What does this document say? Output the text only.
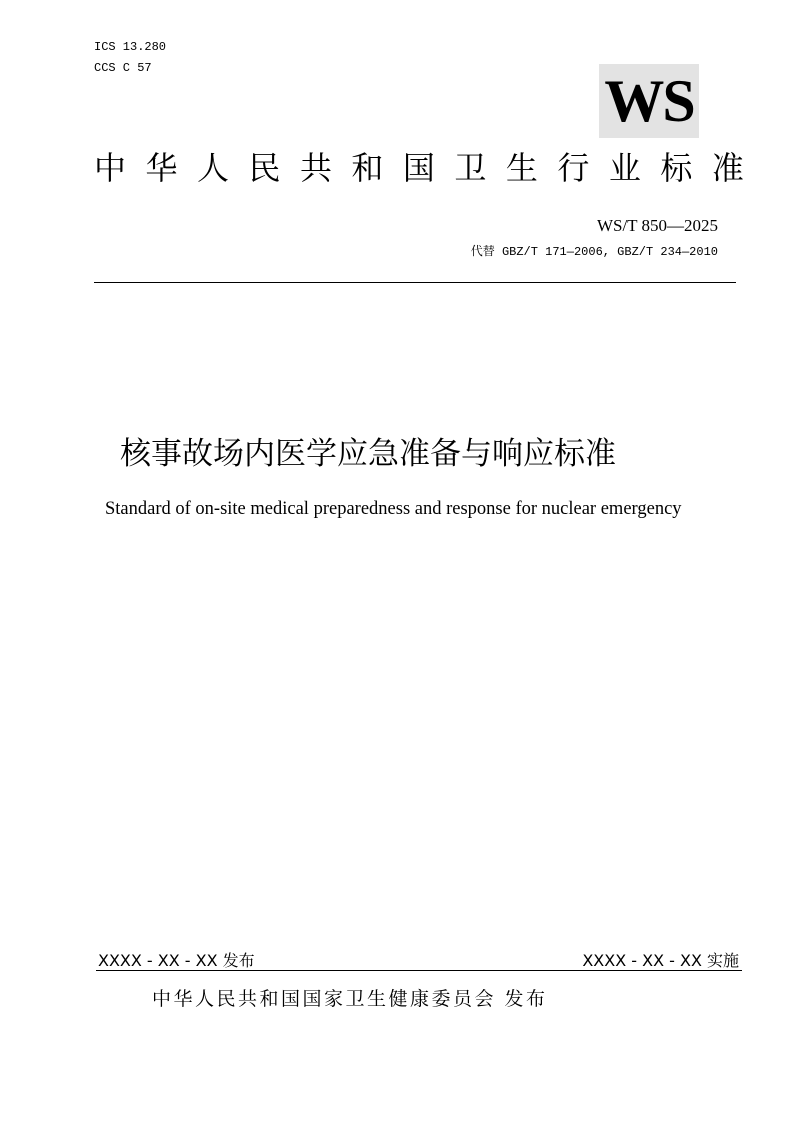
ICS 13.280
CCS C 57	WS
中 华 人 民 共 和 国 卫 生 行 业 标 准
WS/T 850—2025
代替 GBZ/T 171—2006, GBZ/T 234—2010
核事故场内医学应急准备与响应标准
Standard of on-site medical preparedness and response for nuclear emergency
XXXX - XX - XX 发布	XXXX - XX - XX 实施
中华人民共和国国家卫生健康委员会 发布
